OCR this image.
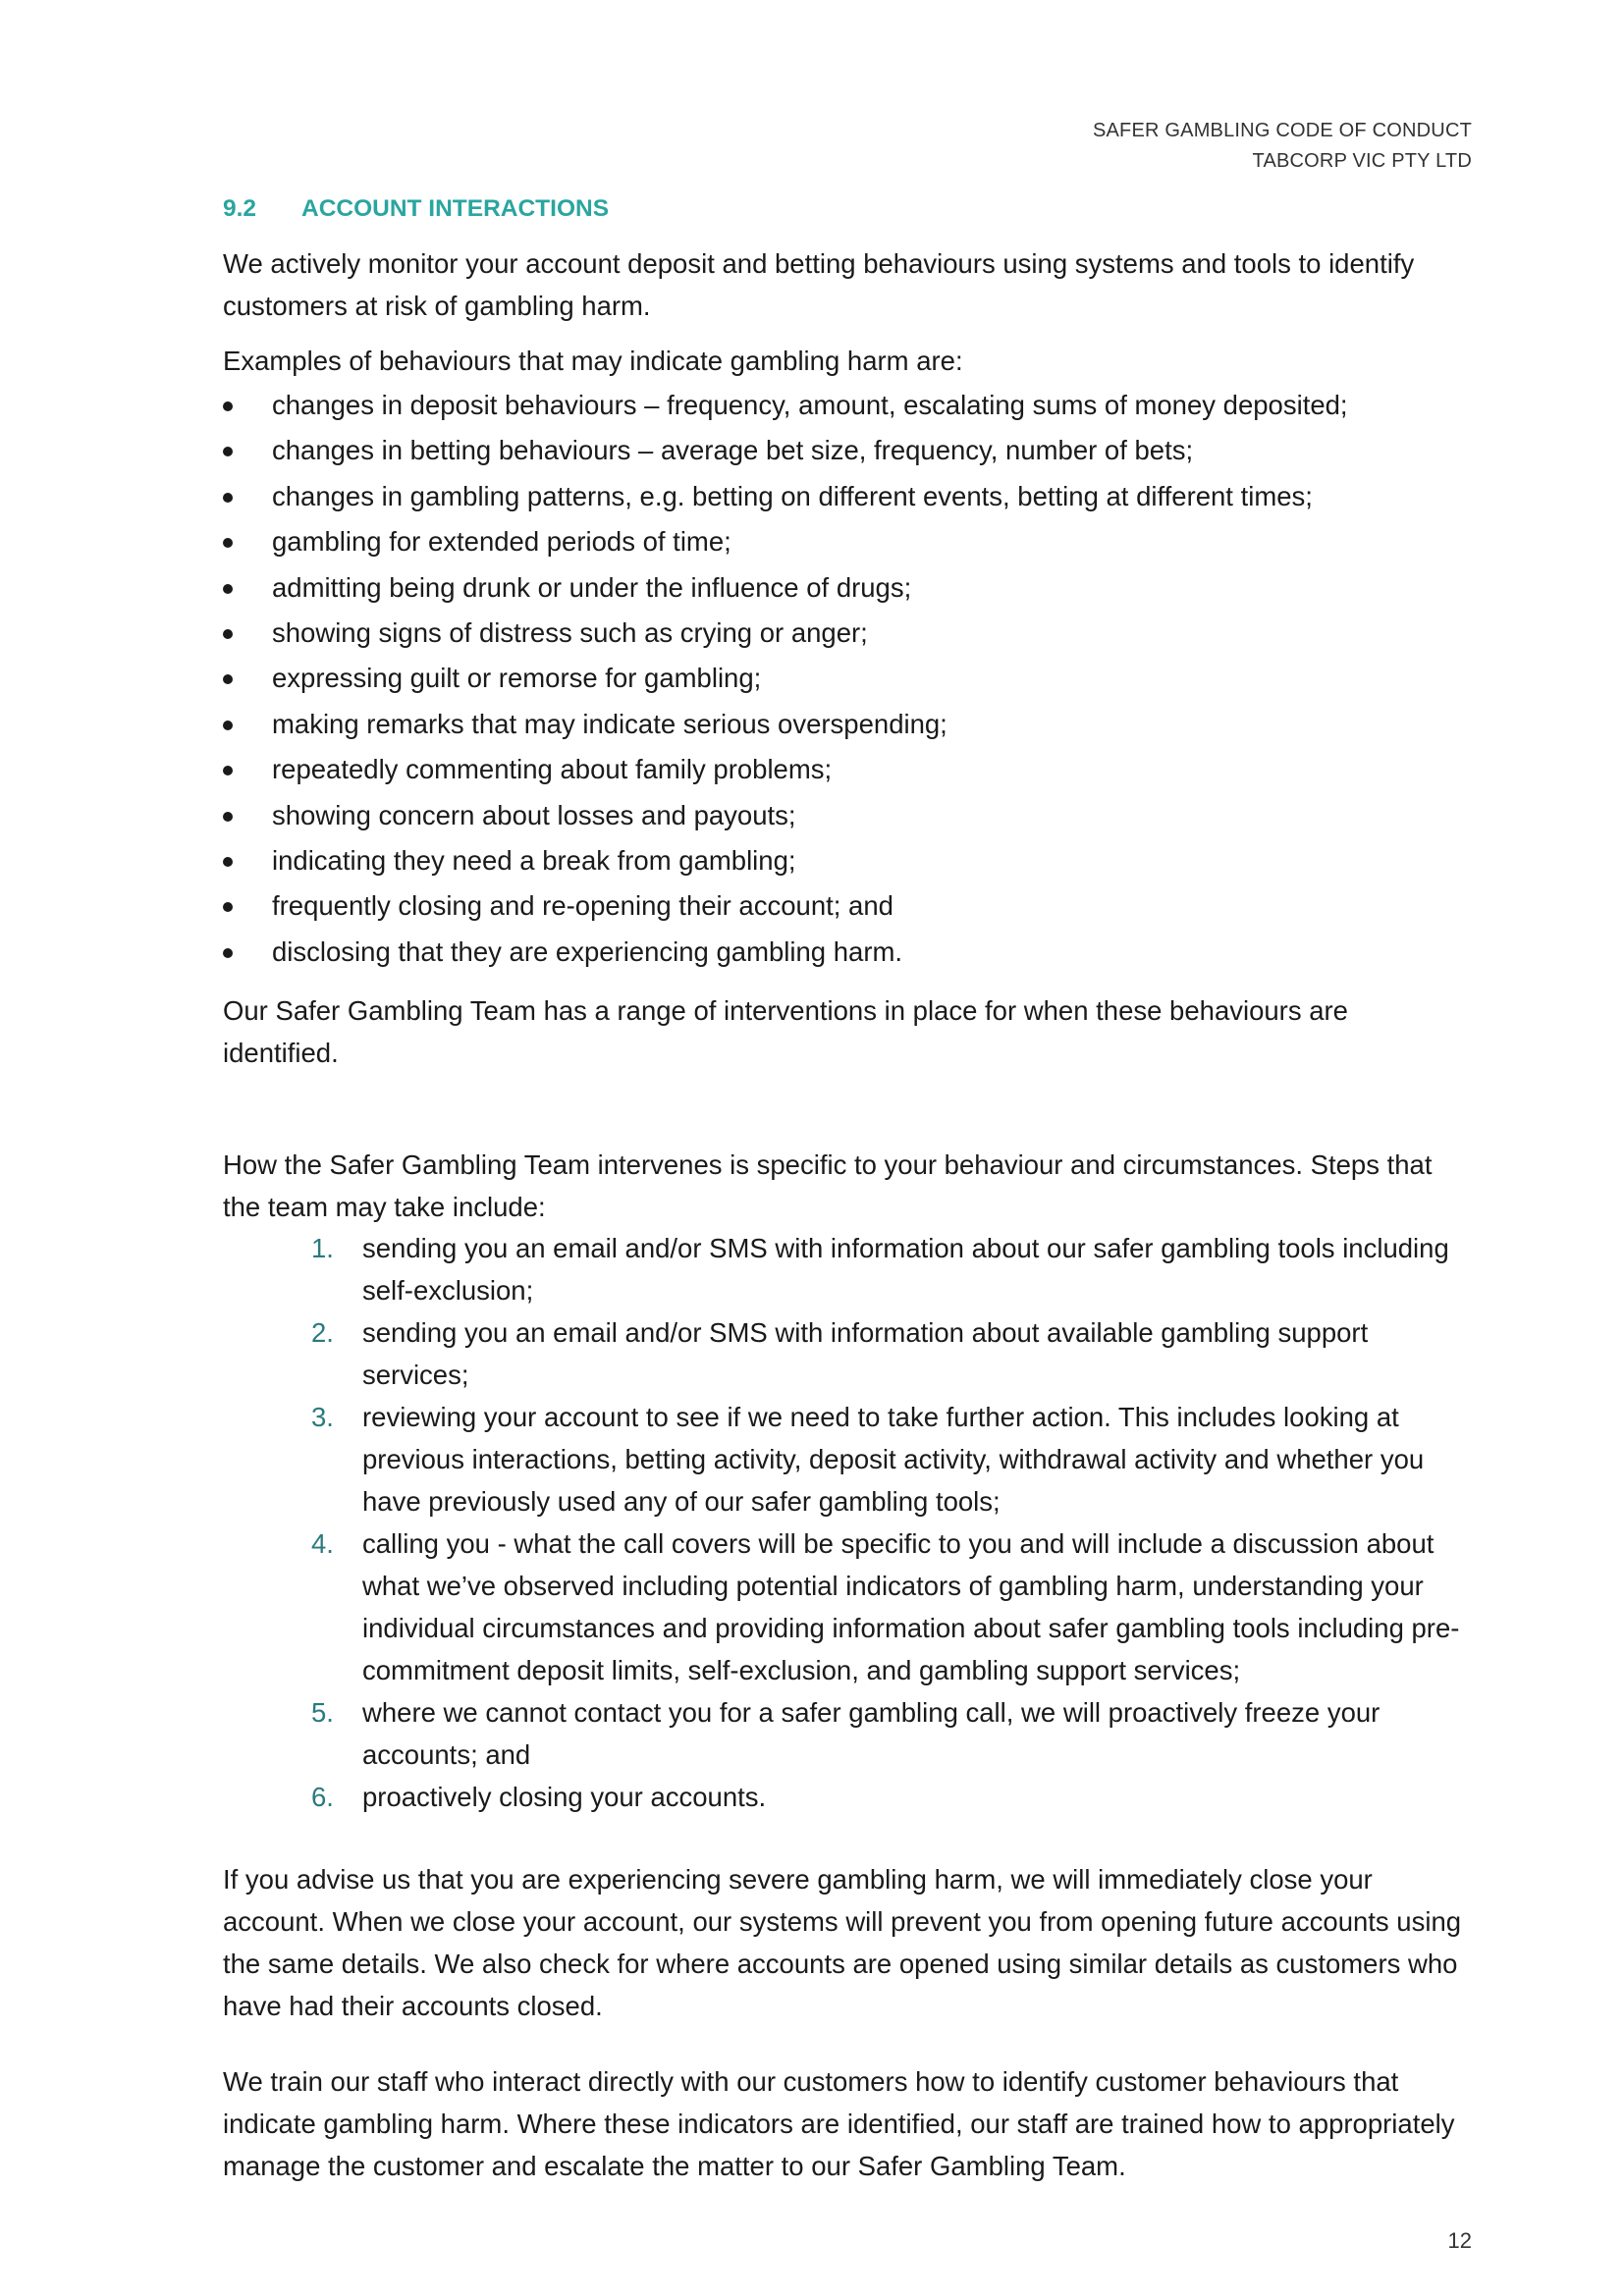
SAFER GAMBLING CODE OF CONDUCT
TABCORP VIC PTY LTD
9.2 ACCOUNT INTERACTIONS

We actively monitor your account deposit and betting behaviours using systems and tools to identify customers at risk of gambling harm.

Examples of behaviours that may indicate gambling harm are:

changes in deposit behaviours – frequency, amount, escalating sums of money deposited;
changes in betting behaviours – average bet size, frequency, number of bets;
changes in gambling patterns, e.g. betting on different events, betting at different times;
gambling for extended periods of time;
admitting being drunk or under the influence of drugs;
showing signs of distress such as crying or anger;
expressing guilt or remorse for gambling;
making remarks that may indicate serious overspending;
repeatedly commenting about family problems;
showing concern about losses and payouts;
indicating they need a break from gambling;
frequently closing and re-opening their account; and
disclosing that they are experiencing gambling harm.

Our Safer Gambling Team has a range of interventions in place for when these behaviours are identified.

How the Safer Gambling Team intervenes is specific to your behaviour and circumstances. Steps that the team may take include:

1. sending you an email and/or SMS with information about our safer gambling tools including self-exclusion;
2. sending you an email and/or SMS with information about available gambling support services;
3. reviewing your account to see if we need to take further action. This includes looking at previous interactions, betting activity, deposit activity, withdrawal activity and whether you have previously used any of our safer gambling tools;
4. calling you - what the call covers will be specific to you and will include a discussion about what we’ve observed including potential indicators of gambling harm, understanding your individual circumstances and providing information about safer gambling tools including pre-commitment deposit limits, self-exclusion, and gambling support services;
5. where we cannot contact you for a safer gambling call, we will proactively freeze your accounts; and
6. proactively closing your accounts.

If you advise us that you are experiencing severe gambling harm, we will immediately close your account. When we close your account, our systems will prevent you from opening future accounts using the same details. We also check for where accounts are opened using similar details as customers who have had their accounts closed.

We train our staff who interact directly with our customers how to identify customer behaviours that indicate gambling harm. Where these indicators are identified, our staff are trained how to appropriately manage the customer and escalate the matter to our Safer Gambling Team.

12
